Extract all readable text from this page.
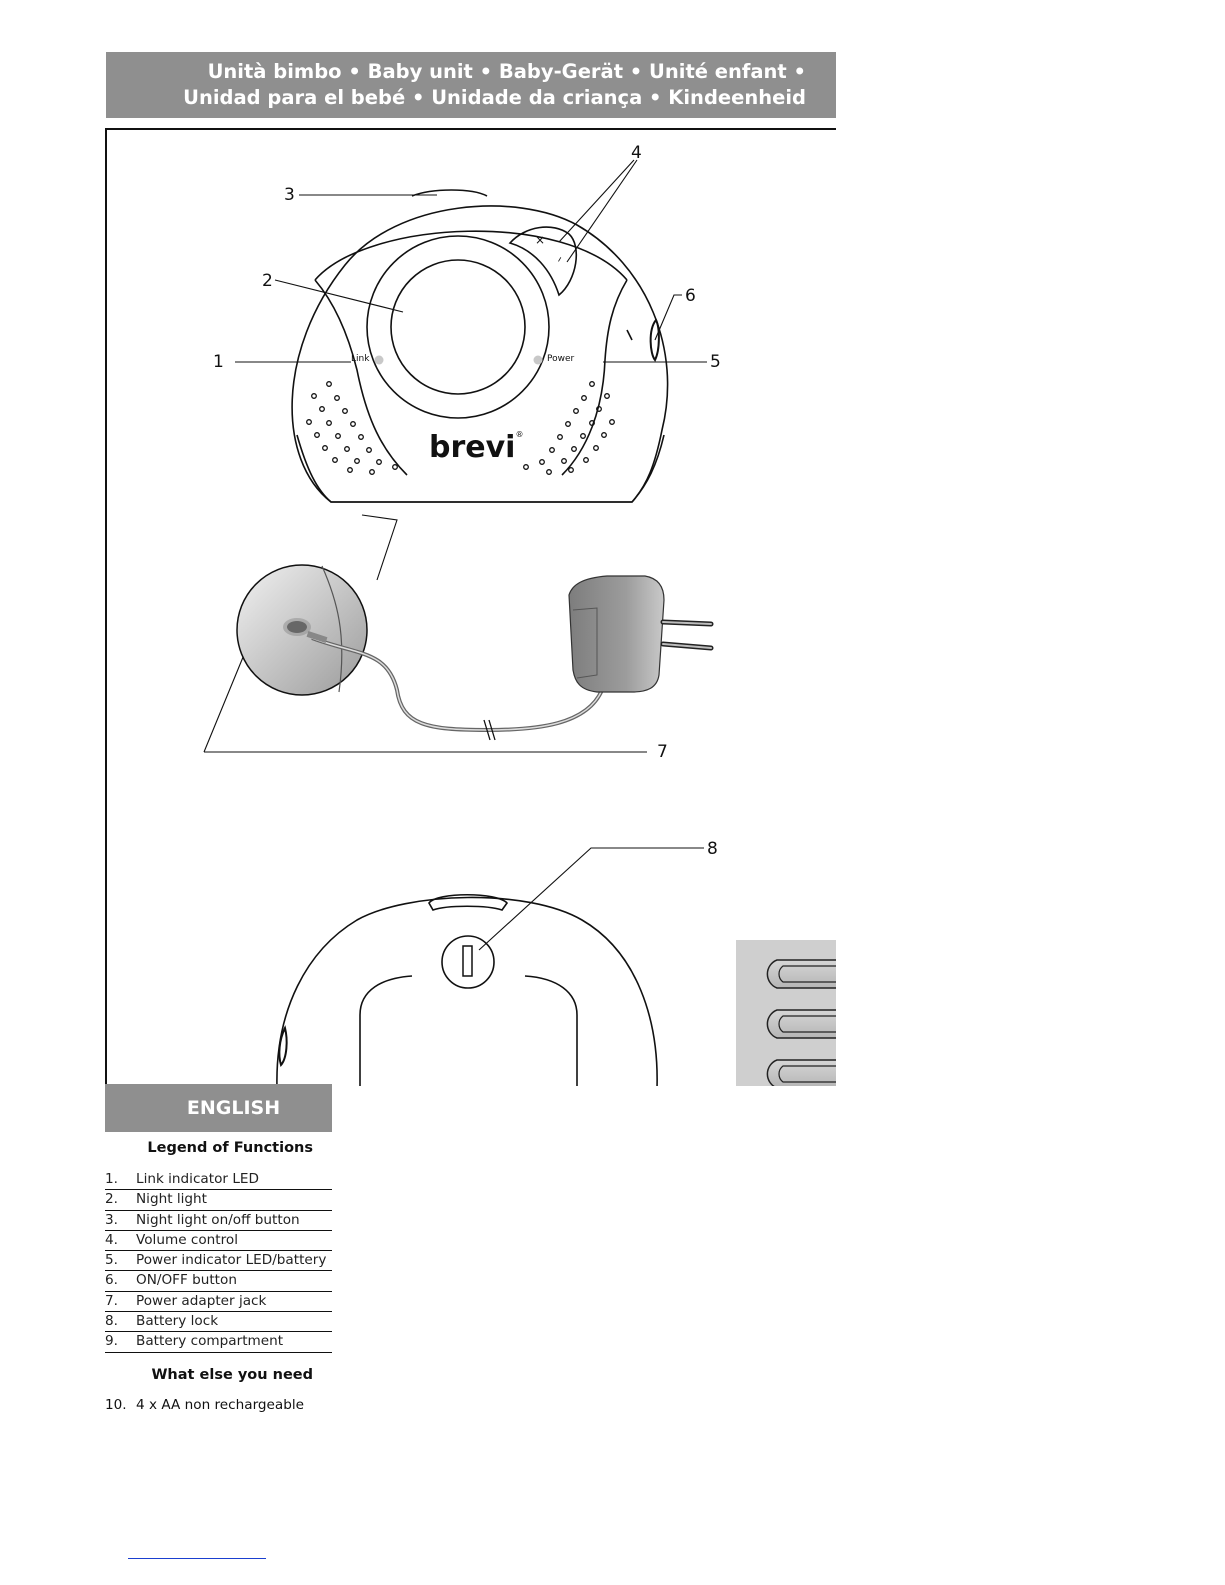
Unità bimbo • Baby unit • Baby-Gerät • Unité enfant •
Unidad para el bebé • Unidade da criança • Kindeenheid
1
2
3
4
5
6
7
8
Link	Power
×
–
brevi®
ENGLISH
Legend of Functions
1.	Link indicator LED
2.	Night light
3.	Night light on/off button
4.	Volume control
5.	Power indicator LED/battery
6.	ON/OFF button
7.	Power adapter jack
8.	Battery lock
9.	Battery compartment
What else you need
10. 4 x AA non rechargeable
